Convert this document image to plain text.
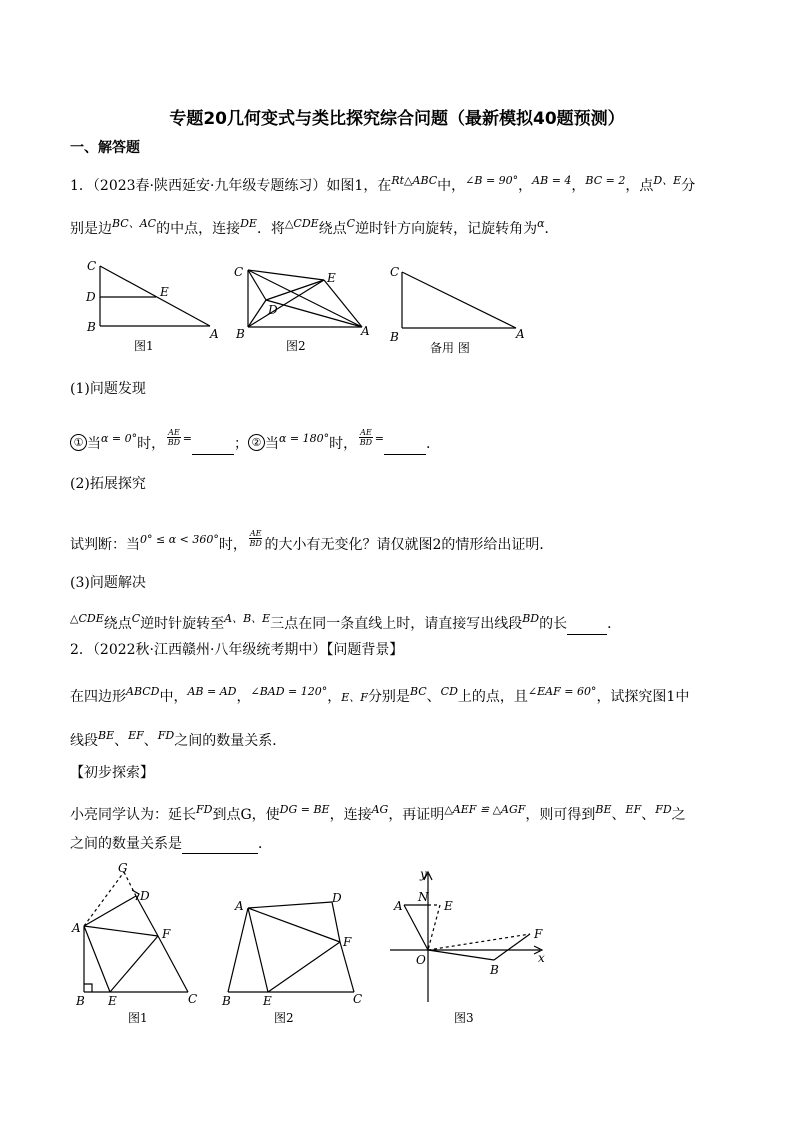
专题20几何变式与类比探究综合问题（最新模拟40题预测）
一、解答题
1．（2023春·陕西延安·九年级专题练习）如图1，在$^{Rt\triangle ABC}$中，$^{\angle B = 90^\circ}$，$^{AB = 4}$，$^{BC = 2}$，点$^{D、E}$分
别是边$^{BC、AC}$的中点，连接$^{DE}$．将$^{\triangle CDE}$绕点$^C$逆时针方向旋转，记旋转角为$^\alpha$．
C
D	E
B	A
图1
C	E
D
B	A
图2
C
B	A
备用 图
(1)问题发现
① 当$^{\alpha = 0^\circ}$时， $\frac{AE}{BD} ^=$	； ② 当$^{\alpha = 180^\circ}$时， $\frac{AE}{BD} ^=$	.
(2)拓展探究
试判断：当$^{0^\circ \le \alpha < 360^\circ}$时， $\frac{AE}{BD}$ 的大小有无变化？请仅就图2的情形给出证明．
(3)问题解决
$^{\triangle CDE}$绕点$^C$逆时针旋转至$^{A、B、E}$三点在同一条直线上时，请直接写出线段$^{BD}$的长	．
2．（2022秋·江西赣州·八年级统考期中）【问题背景】
在四边形$^{ABCD}$中，$^{AB = AD}$，$^{\angle BAD = 120^\circ}$，E、F分别是$^{BC}$、$^{CD}$上的点，且$^{\angle EAF = 60^\circ}$，试探究图1中
线段$^{BE}$、$^{EF}$、$^{FD}$之间的数量关系．
【初步探索】
小亮同学认为：延长$^{FD}$到点G，使$^{DG = BE}$，连接$^{AG}$，再证明$^{\triangle AEF ≌ \triangle AGF}$，则可得到$^{BE}$、$^{EF}$、$^{FD}$之
之间的数量关系是	．
G
D
A	F
B E	C
图1
A
D
F
B	E	C
图2
y
N
A	E
F
O
B
x
图3
